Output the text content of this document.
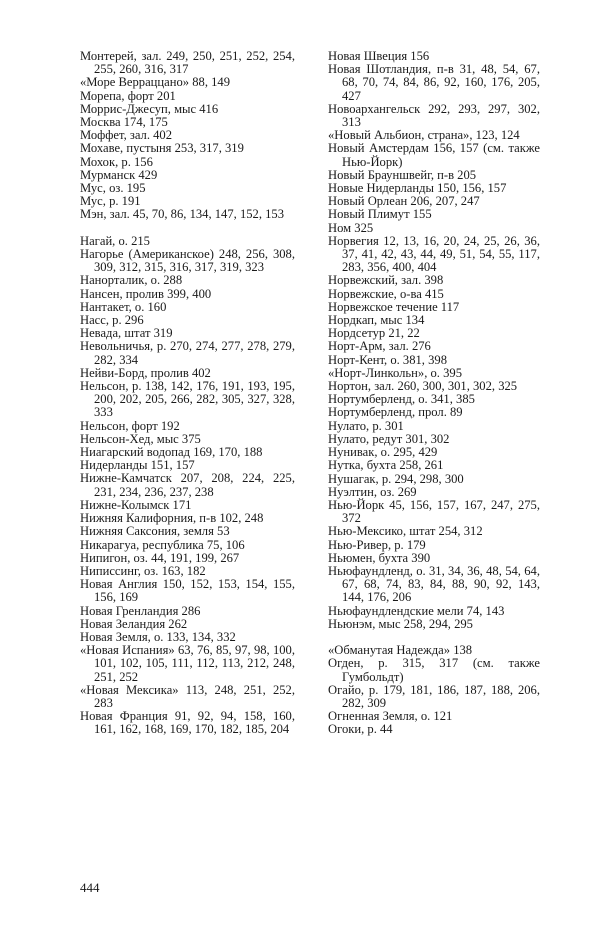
Монтерей, зал. 249, 250, 251, 252, 254, 255, 260, 316, 317
«Море Верраццано» 88, 149
Морепа, форт 201
Моррис-Джесуп, мыс 416
Москва 174, 175
Моффет, зал. 402
Мохаве, пустыня 253, 317, 319
Мохок, р. 156
Мурманск 429
Мус, оз. 195
Мус, р. 191
Мэн, зал. 45, 70, 86, 134, 147, 152, 153
Нагай, о. 215
Нагорье (Американское) 248, 256, 308, 309, 312, 315, 316, 317, 319, 323
Нанорталик, о. 288
Нансен, пролив 399, 400
Нантакет, о. 160
Насс, р. 296
Невада, штат 319
Невольничья, р. 270, 274, 277, 278, 279, 282, 334
Нейви-Борд, пролив 402
Нельсон, р. 138, 142, 176, 191, 193, 195, 200, 202, 205, 266, 282, 305, 327, 328, 333
Нельсон, форт 192
Нельсон-Хед, мыс 375
Ниагарский водопад 169, 170, 188
Нидерланды 151, 157
Нижне-Камчатск 207, 208, 224, 225, 231, 234, 236, 237, 238
Нижне-Колымск 171
Нижняя Калифорния, п-в 102, 248
Нижняя Саксония, земля 53
Никарагуа, республика 75, 106
Нипигон, оз. 44, 191, 199, 267
Ниписсинг, оз. 163, 182
Новая Англия 150, 152, 153, 154, 155, 156, 169
Новая Гренландия 286
Новая Зеландия 262
Новая Земля, о. 133, 134, 332
«Новая Испания» 63, 76, 85, 97, 98, 100, 101, 102, 105, 111, 112, 113, 212, 248, 251, 252
«Новая Мексика» 113, 248, 251, 252, 283
Новая Франция 91, 92, 94, 158, 160, 161, 162, 168, 169, 170, 182, 185, 204
Новая Швеция 156
Новая Шотландия, п-в 31, 48, 54, 67, 68, 70, 74, 84, 86, 92, 160, 176, 205, 427
Новоархангельск 292, 293, 297, 302, 313
«Новый Альбион, страна», 123, 124
Новый Амстердам 156, 157 (см. также Нью-Йорк)
Новый Брауншвейг, п-в 205
Новые Нидерланды 150, 156, 157
Новый Орлеан 206, 207, 247
Новый Плимут 155
Ном 325
Норвегия 12, 13, 16, 20, 24, 25, 26, 36, 37, 41, 42, 43, 44, 49, 51, 54, 55, 117, 283, 356, 400, 404
Норвежский, зал. 398
Норвежские, о-ва 415
Норвежское течение 117
Нордкап, мыс 134
Нордсетур 21, 22
Норт-Арм, зал. 276
Норт-Кент, о. 381, 398
«Норт-Линкольн», о. 395
Нортон, зал. 260, 300, 301, 302, 325
Нортумберленд, о. 341, 385
Нортумберленд, прол. 89
Нулато, р. 301
Нулато, редут 301, 302
Нунивак, о. 295, 429
Нутка, бухта 258, 261
Нушагак, р. 294, 298, 300
Нуэлтин, оз. 269
Нью-Йорк 45, 156, 157, 167, 247, 275, 372
Нью-Мексико, штат 254, 312
Нью-Ривер, р. 179
Ньюмен, бухта 390
Ньюфаундленд, о. 31, 34, 36, 48, 54, 64, 67, 68, 74, 83, 84, 88, 90, 92, 143, 144, 176, 206
Ньюфаундлендские мели 74, 143
Ньюнэм, мыс 258, 294, 295
«Обманутая Надежда» 138
Огден, р. 315, 317 (см. также Гумбольдт)
Огайо, р. 179, 181, 186, 187, 188, 206, 282, 309
Огненная Земля, о. 121
Огоки, р. 44
444
